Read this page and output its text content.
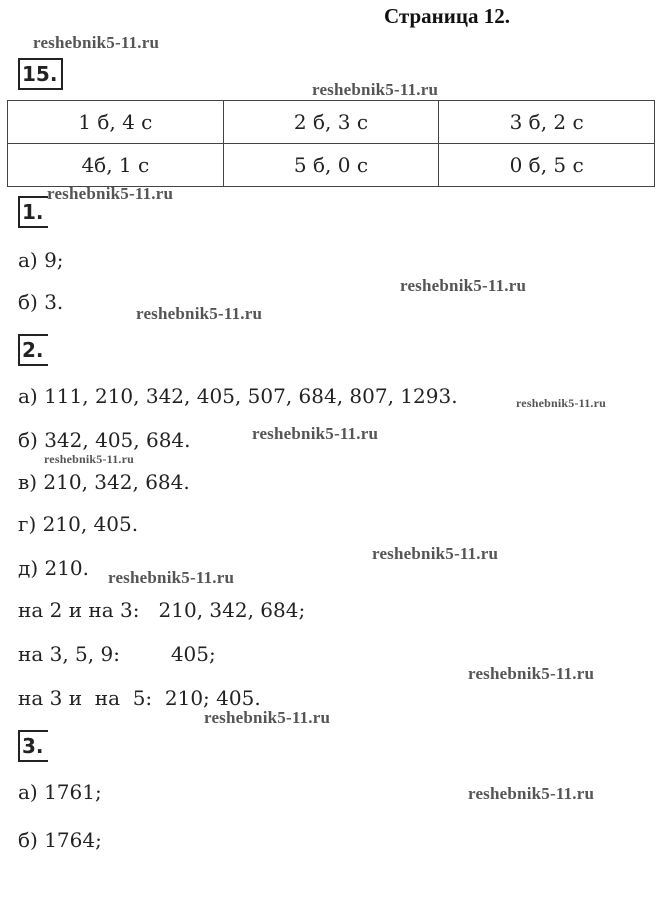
Страница 12.
reshebnik5-11.ru
reshebnik5-11.ru
reshebnik5-11.ru
reshebnik5-11.ru
reshebnik5-11.ru
reshebnik5-11.ru
reshebnik5-11.ru
reshebnik5-11.ru
reshebnik5-11.ru
reshebnik5-11.ru
reshebnik5-11.ru
reshebnik5-11.ru
reshebnik5-11.ru
15.
1 б, 4 с	2 б, 3 с	3 б, 2 с
4б, 1 с	5 б, 0 с	0 б, 5 с
1.
а) 9;
б) 3.
2.
а) 111, 210, 342, 405, 507, 684, 807, 1293.
б) 342, 405, 684.
в) 210, 342, 684.
г) 210, 405.
д) 210.
на 2 и на 3:   210, 342, 684;
на 3, 5, 9:        405;
на 3 и  на  5:  210; 405.
3.
а) 1761;
б) 1764;
